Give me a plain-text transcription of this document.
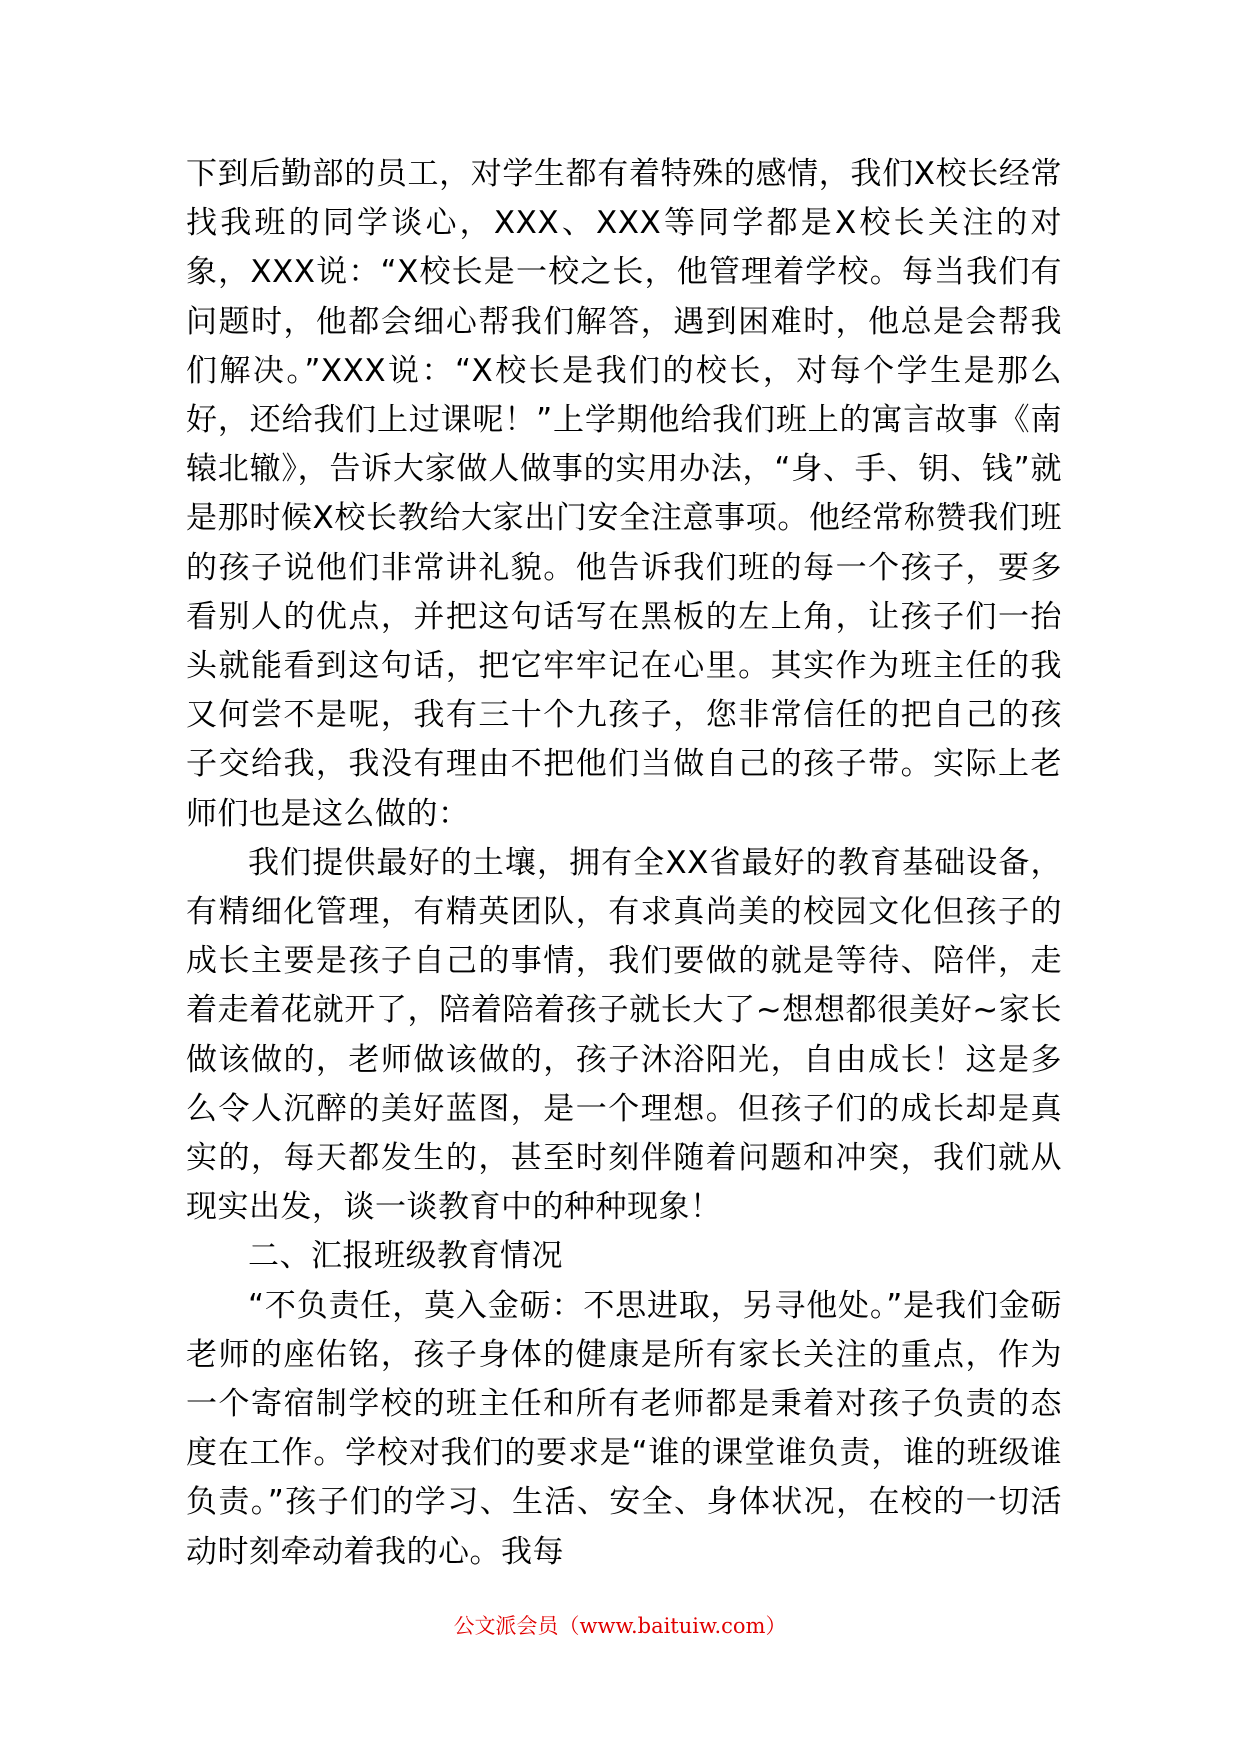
下到后勤部的员工，对学生都有着特殊的感情，我们X校长经常找我班的同学谈心，XXX、XXX等同学都是X校长关注的对象，XXX说：“X校长是一校之长，他管理着学校。每当我们有问题时，他都会细心帮我们解答，遇到困难时，他总是会帮我们解决。”XXX说：“X校长是我们的校长，对每个学生是那么好，还给我们上过课呢！”上学期他给我们班上的寓言故事《南辕北辙》，告诉大家做人做事的实用办法，“身、手、钥、钱”就是那时候X校长教给大家出门安全注意事项。他经常称赞我们班的孩子说他们非常讲礼貌。他告诉我们班的每一个孩子，要多看别人的优点，并把这句话写在黑板的左上角，让孩子们一抬头就能看到这句话，把它牢牢记在心里。其实作为班主任的我又何尝不是呢，我有三十个九孩子，您非常信任的把自己的孩子交给我，我没有理由不把他们当做自己的孩子带。实际上老师们也是这么做的：

我们提供最好的土壤，拥有全XX省最好的教育基础设备，有精细化管理，有精英团队，有求真尚美的校园文化但孩子的成长主要是孩子自己的事情，我们要做的就是等待、陪伴，走着走着花就开了，陪着陪着孩子就长大了~想想都很美好~家长做该做的，老师做该做的，孩子沐浴阳光，自由成长！这是多么令人沉醉的美好蓝图，是一个理想。但孩子们的成长却是真实的，每天都发生的，甚至时刻伴随着问题和冲突，我们就从现实出发，谈一谈教育中的种种现象！

二、汇报班级教育情况

“不负责任，莫入金砺：不思进取，另寻他处。”是我们金砺老师的座佑铭，孩子身体的健康是所有家长关注的重点，作为一个寄宿制学校的班主任和所有老师都是秉着对孩子负责的态度在工作。学校对我们的要求是“谁的课堂谁负责，谁的班级谁负责。”孩子们的学习、生活、安全、身体状况，在校的一切活动时刻牵动着我的心。我每

公文派会员（www.baituiw.com）
